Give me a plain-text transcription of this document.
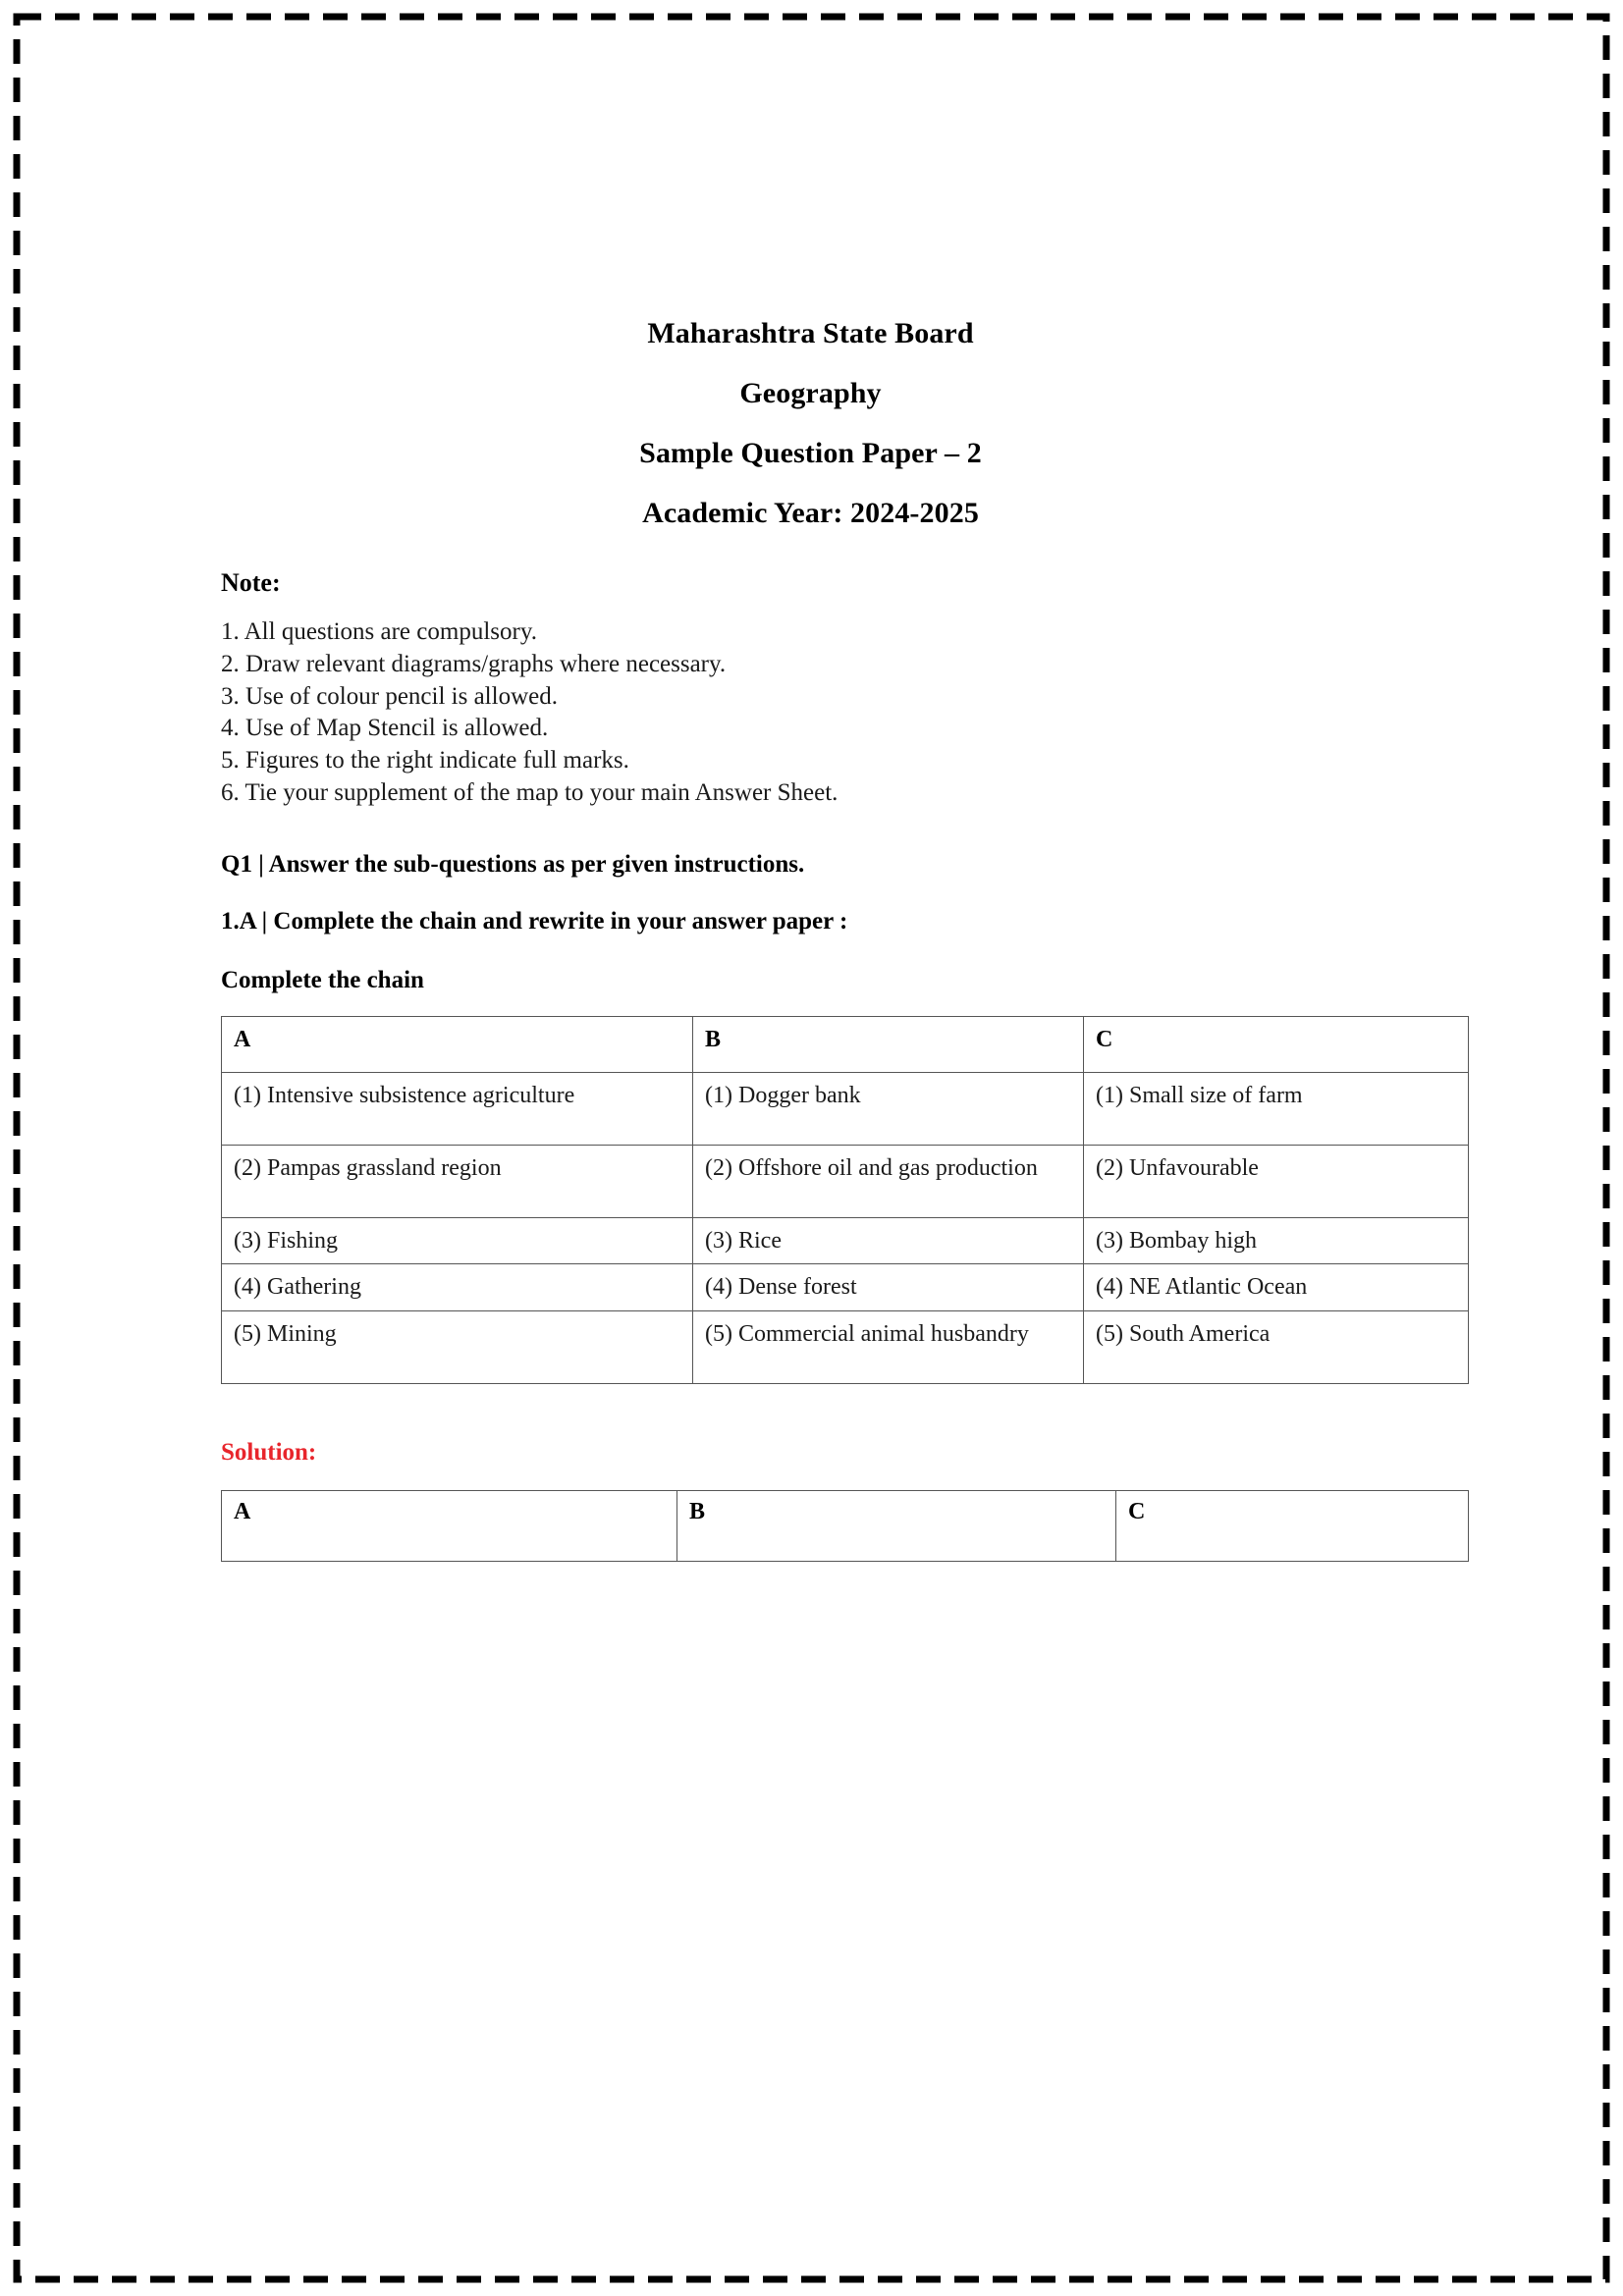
Maharashtra State Board
Geography
Sample Question Paper – 2
Academic Year: 2024-2025
Note:
1. All questions are compulsory.
2. Draw relevant diagrams/graphs where necessary.
3. Use of colour pencil is allowed.
4. Use of Map Stencil is allowed.
5. Figures to the right indicate full marks.
6. Tie your supplement of the map to your main Answer Sheet.
Q1 | Answer the sub-questions as per given instructions.
1.A | Complete the chain and rewrite in your answer paper :
Complete the chain
A	B	C
(1) Intensive subsistence agriculture	(1) Dogger bank	(1) Small size of farm
(2) Pampas grassland region	(2) Offshore oil and gas production	(2) Unfavourable
(3) Fishing	(3) Rice	(3) Bombay high
(4) Gathering	(4) Dense forest	(4) NE Atlantic Ocean
(5) Mining	(5) Commercial animal husbandry	(5) South America
Solution:
A	B	C
